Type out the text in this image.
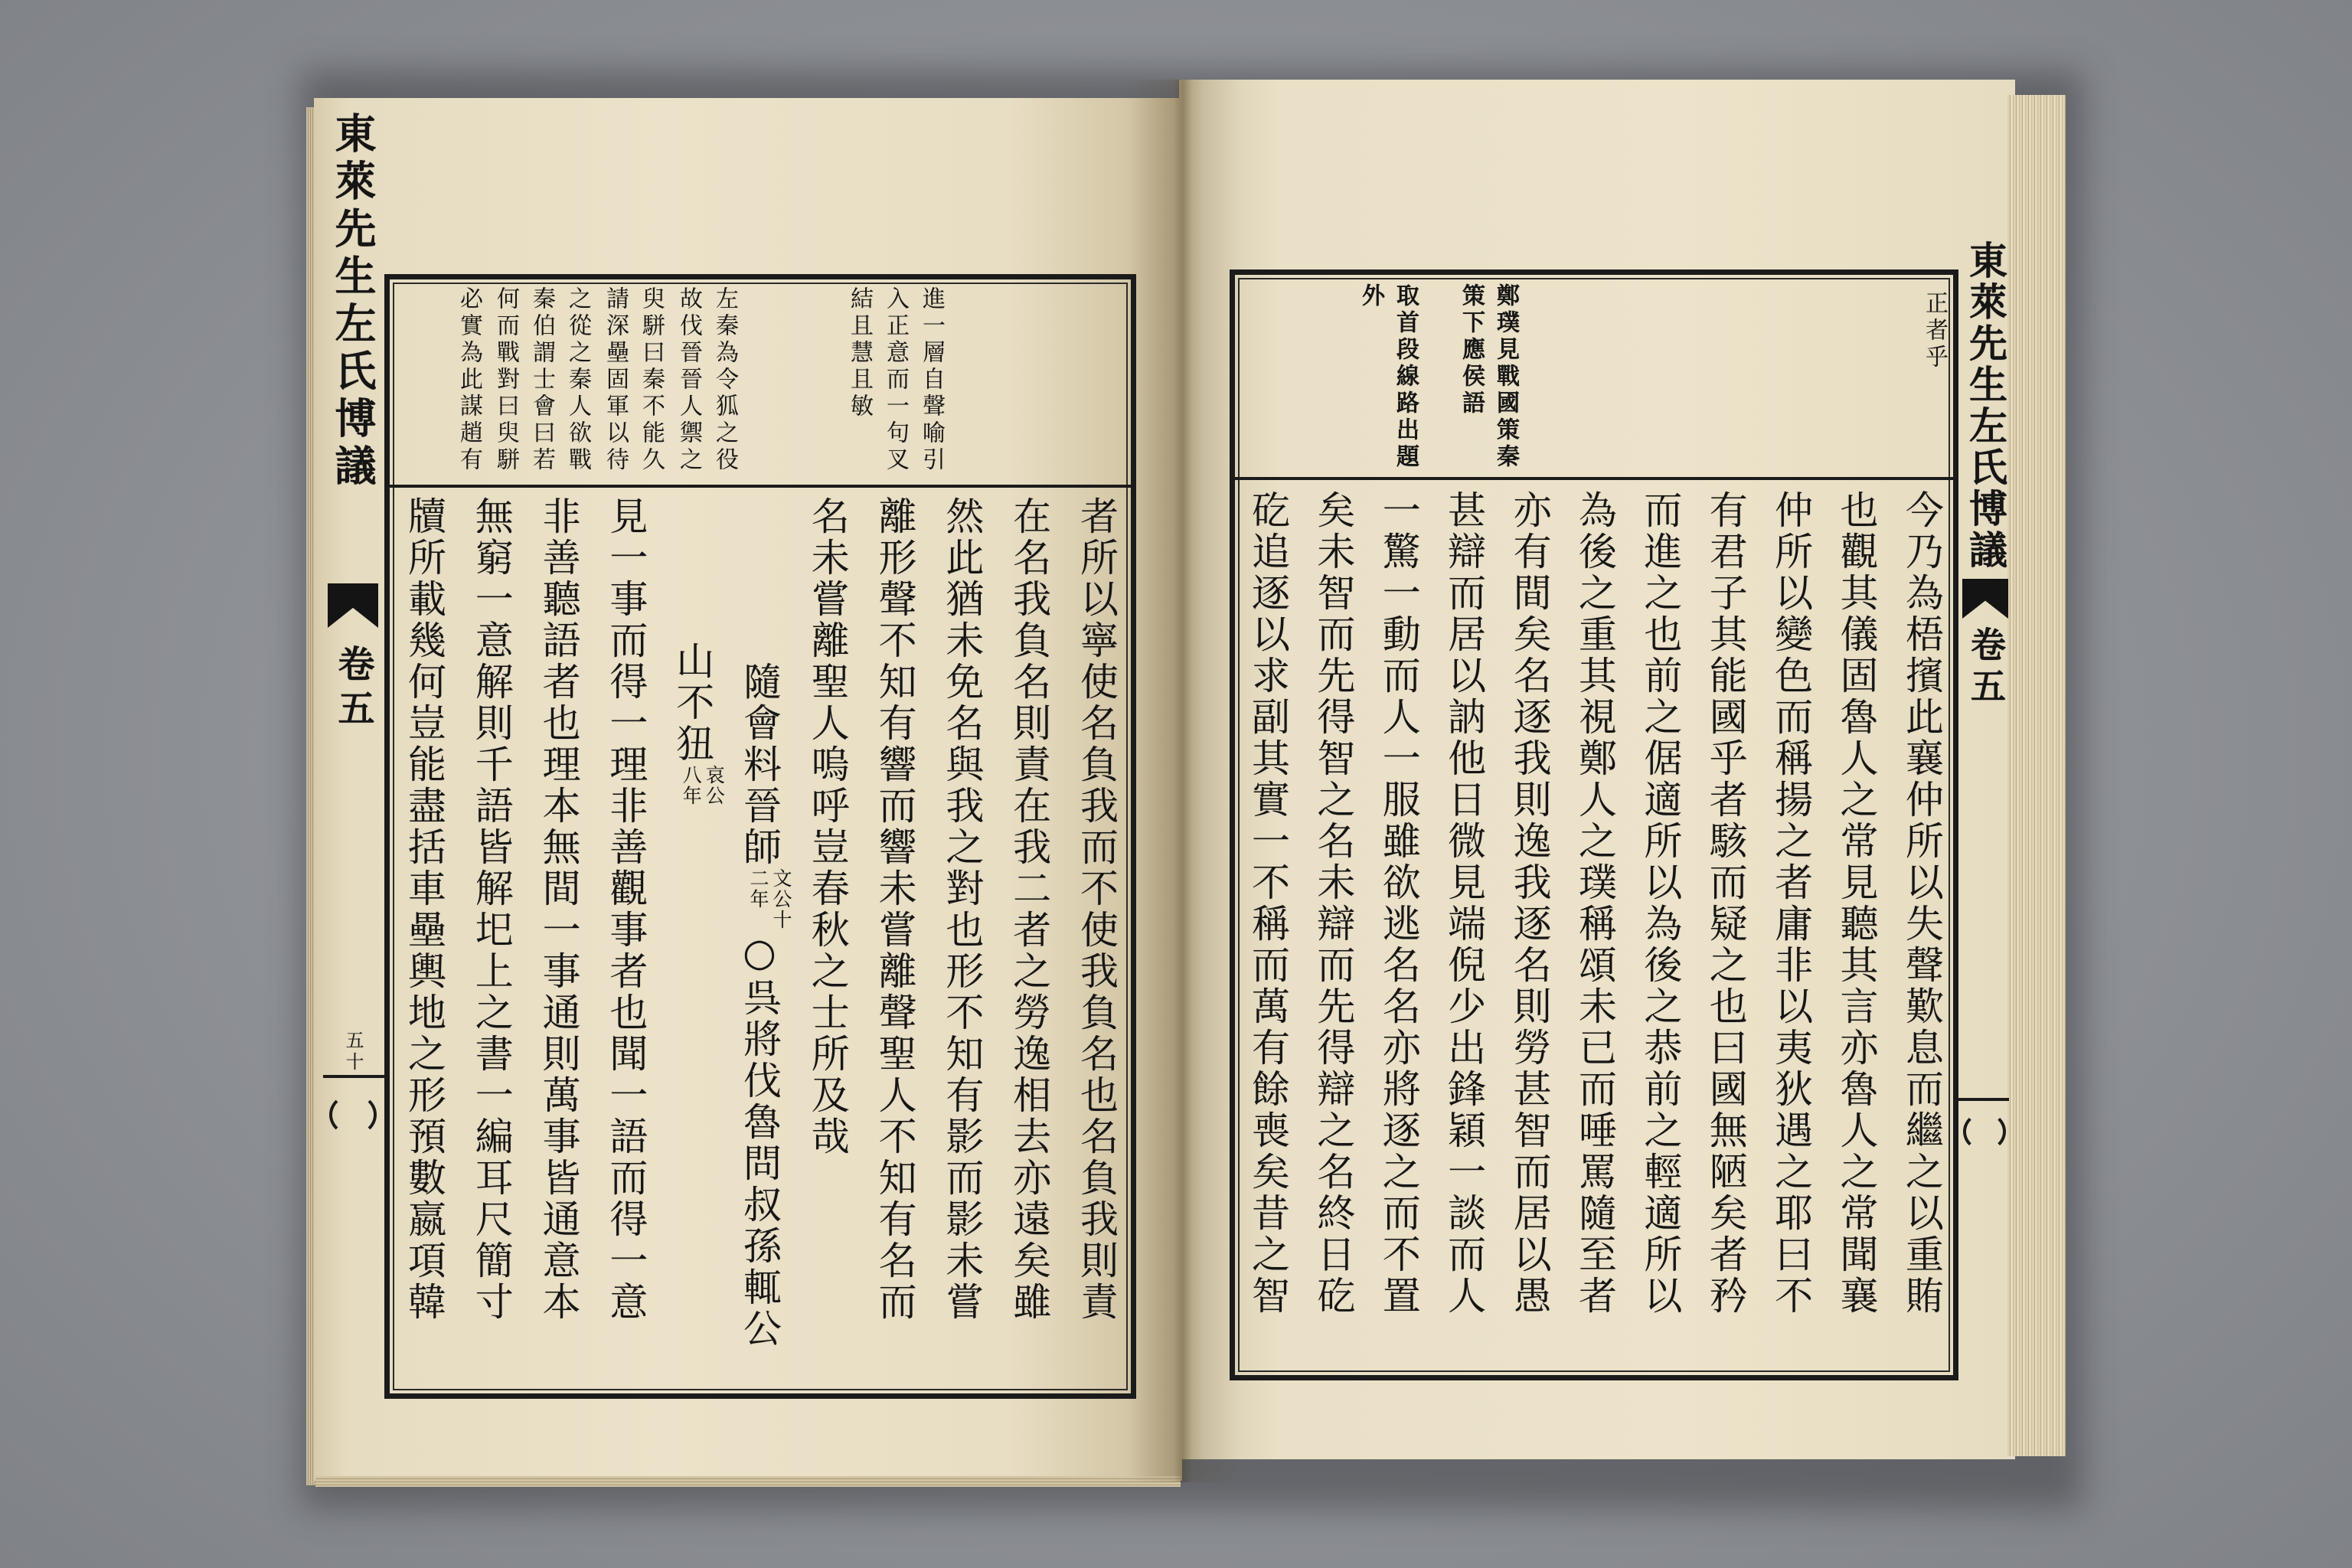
東萊先生左氏博議
卷五
五十
進一層自聲喻引
入正意而一句叉
結且慧且敏
左秦為令狐之役
故伐晉晉人禦之
臾駢曰秦不能久
請深壘固軍以待
之從之秦人欲戰
秦伯謂士會曰若
何而戰對曰臾駢
必實為此謀趙有
者所以寧使名負我而不使我負名也名負我則責
在名我負名則責在我二者之勞逸相去亦遠矣雖
然此猶未免名與我之對也形不知有影而影未嘗
離形聲不知有響而響未嘗離聲聖人不知有名而
名未嘗離聖人嗚呼豈春秋之士所及哉
隨會料晉師
文公十
二年
○呉將伐魯問叔孫輒公
山不狃
哀公
八年
見一事而得一理非善觀事者也聞一語而得一意
非善聽語者也理本無間一事通則萬事皆通意本
無窮一意解則千語皆解圯上之書一編耳尺簡寸
牘所載幾何豈能盡括車壘輿地之形預數嬴項韓
正者乎
鄭璞見戰國策秦
策下應侯語
取首段線路出題
外
今乃為梧擯此襄仲所以失聲歎息而繼之以重賄
也觀其儀固魯人之常見聽其言亦魯人之常聞襄
仲所以變色而稱揚之者庸非以夷狄遇之耶曰不
有君子其能國乎者駭而疑之也曰國無陋矣者矜
而進之也前之倨適所以為後之恭前之輕適所以
為後之重其視鄭人之璞稱頌未已而唾罵隨至者
亦有間矣名逐我則逸我逐名則勞甚智而居以愚
甚辯而居以訥他日微見端倪少出鋒穎一談而人
一驚一動而人一服雖欲逃名名亦將逐之而不置
矣未智而先得智之名未辯而先得辯之名終日矻
矻追逐以求副其實一不稱而萬有餘喪矣昔之智
東萊先生左氏博議
卷五
